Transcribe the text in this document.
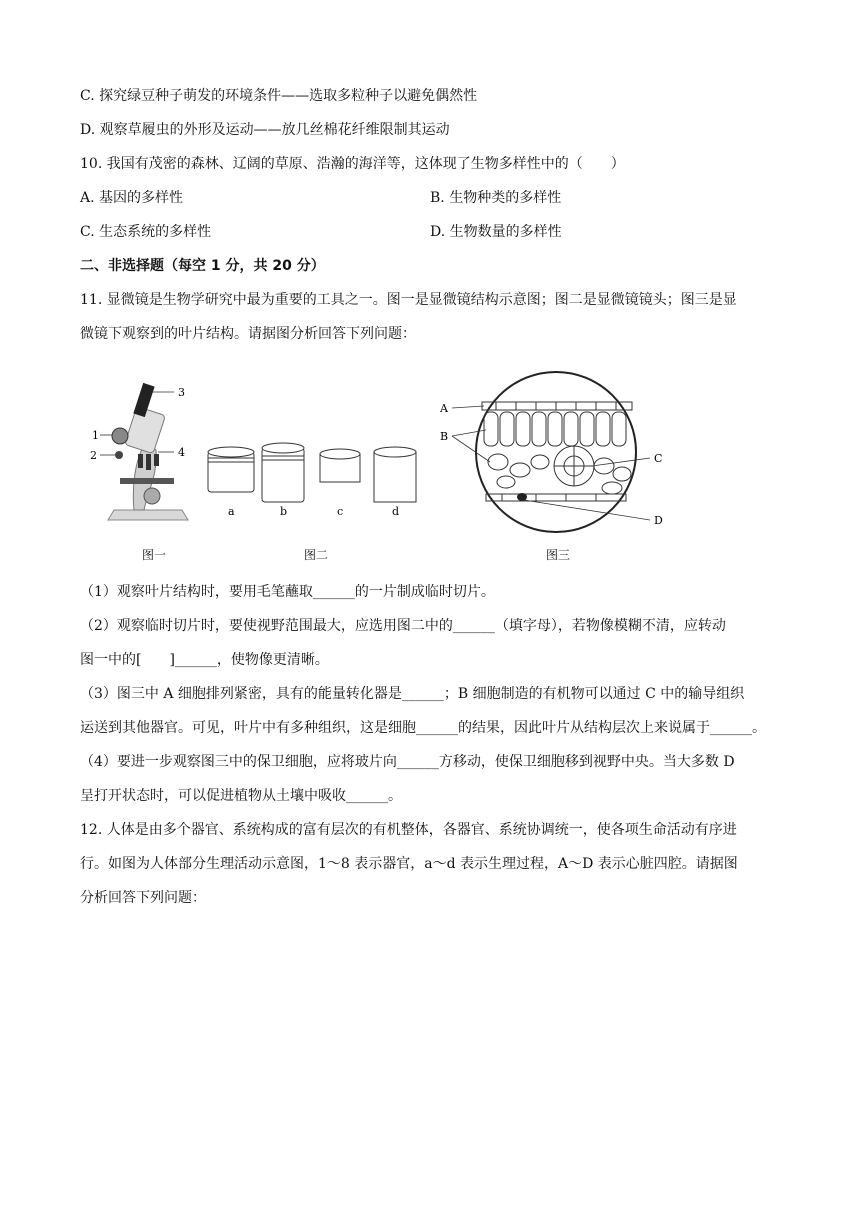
C. 探究绿豆种子萌发的环境条件——选取多粒种子以避免偶然性
D. 观察草履虫的外形及运动——放几丝棉花纤维限制其运动
10. 我国有茂密的森林、辽阔的草原、浩瀚的海洋等，这体现了生物多样性中的（　　）
A. 基因的多样性	B. 生物种类的多样性
C. 生态系统的多样性	D. 生物数量的多样性
二、非选择题（每空 1 分，共 20 分）
11. 显微镜是生物学研究中最为重要的工具之一。图一是显微镜结构示意图；图二是显微镜镜头；图三是显
微镜下观察到的叶片结构。请据图分析回答下列问题：
1
2
3
4
a	b	c	d
A
B
C
D
图一	图二	图三
（1）观察叶片结构时，要用毛笔蘸取______的一片制成临时切片。
（2）观察临时切片时，要使视野范围最大，应选用图二中的______（填字母），若物像模糊不清，应转动
图一中的[　　]______，使物像更清晰。
（3）图三中 A 细胞排列紧密，具有的能量转化器是______；B 细胞制造的有机物可以通过 C 中的输导组织
运送到其他器官。可见，叶片中有多种组织，这是细胞______的结果，因此叶片从结构层次上来说属于______。
（4）要进一步观察图三中的保卫细胞，应将玻片向______方移动，使保卫细胞移到视野中央。当大多数 D
呈打开状态时，可以促进植物从土壤中吸收______。
12. 人体是由多个器官、系统构成的富有层次的有机整体，各器官、系统协调统一，使各项生命活动有序进
行。如图为人体部分生理活动示意图，1～8 表示器官，a～d 表示生理过程，A～D 表示心脏四腔。请据图
分析回答下列问题：
